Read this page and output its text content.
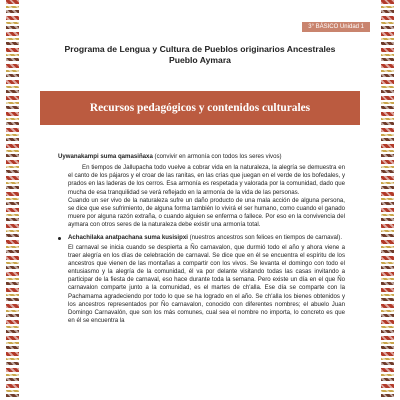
3° BÁSICO Unidad 1
Programa de Lengua y Cultura de Pueblos originarios Ancestrales
Pueblo Aymara
Recursos pedagógicos y contenidos culturales
Uywanakampi suma qamasiñaxa (convivir en armonía con todos los seres vivos)

En tiempos de Jallupacha todo vuelve a cobrar vida en la naturaleza, la alegría se demuestra en el canto de los pájaros y el croar de las ranitas, en las crías que juegan en el verde de los bofedales, y prados en las laderas de los cerros. Esa armonía es respetada y valorada por la comunidad, dado que mucha de esa tranquilidad se verá reflejado en la armonía de la vida de las personas.

Cuando un ser vivo de la naturaleza sufre un daño producto de una mala acción de alguna persona, se dice que ese sufrimiento, de alguna forma también lo vivirá el ser humano, como cuando el ganado muere por alguna razón extraña, o cuando alguien se enferma o fallece. Por eso en la convivencia del aymara con otros seres de la naturaleza debe existir una armonía total.

Achachilaka anatpachana suma kusisipxi (nuestros ancestros son felices en tiempos de carnaval).

El carnaval se inicia cuando se despierta a Ño carnavalon, que durmió todo el año y ahora viene a traer alegría en los días de celebración de carnaval. Se dice que en él se encuentra el espíritu de los ancestros que vienen de las montañas a compartir con los vivos. Se levanta el domingo con todo el entusiasmo y la alegría de la comunidad, él va por delante visitando todas las casas invitando a participar de la fiesta de carnaval, eso hace durante toda la semana. Pero existe un día en el que Ño carnavalon comparte junto a la comunidad, es el martes de ch'alla. Ese día se comparte con la Pachamama agradeciendo por todo lo que se ha logrado en el año. Se ch'alla los bienes obtenidos y los ancestros representados por Ño carnavalon, conocido con diferentes nombres; el abuelo Juan Domingo Carnavalón, que son los más comunes, cual sea el nombre no importa, lo concreto es que en él se encuentra la
